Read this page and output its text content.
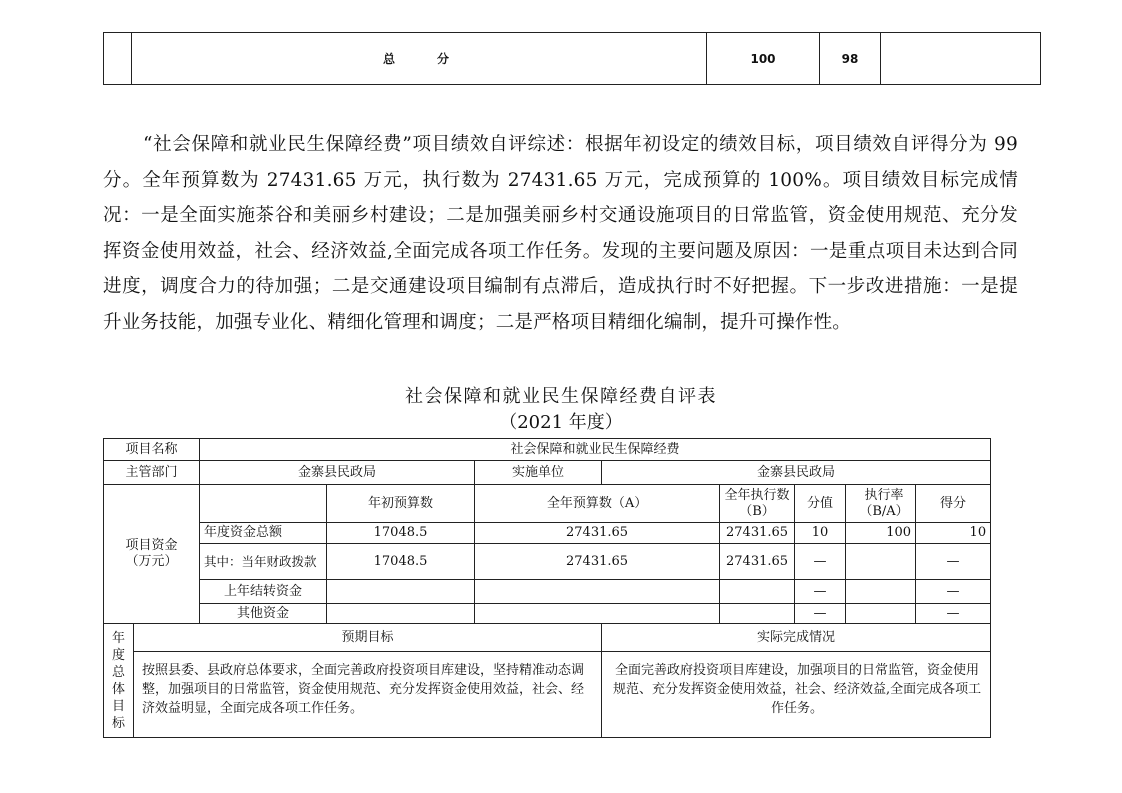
	总　　分	100	98	

“社会保障和就业民生保障经费”项目绩效自评综述：根据年初设定的绩效目标，项目绩效自评得分为 99 分。全年预算数为 27431.65 万元，执行数为 27431.65 万元，完成预算的 100%。项目绩效目标完成情况：一是全面实施茶谷和美丽乡村建设；二是加强美丽乡村交通设施项目的日常监管，资金使用规范、充分发挥资金使用效益，社会、经济效益,全面完成各项工作任务。发现的主要问题及原因：一是重点项目未达到合同进度，调度合力的待加强；二是交通建设项目编制有点滞后，造成执行时不好把握。下一步改进措施：一是提升业务技能，加强专业化、精细化管理和调度；二是严格项目精细化编制，提升可操作性。

社会保障和就业民生保障经费自评表
（2021 年度）
项目名称		社会保障和就业民生保障经费							
主管部门		金寨县民政局		实施单位	金寨县民政局				
项目资金（万元）			年初预算数	全年预算数（A）		全年执行数（B）	分值	执行率（B/A）	得分
		年度资金总额	17048.5	27431.65		27431.65	10	100	10
		其中：当年财政拨款	17048.5	27431.65		27431.65	—		—
		上年结转资金					—		—
		其他资金					—		—
年度总体目标	预期目标				实际完成情况				
	按照县委、县政府总体要求，全面完善政府投资项目库建设，坚持精准动态调整，加强项目的日常监管，资金使用规范、充分发挥资金使用效益，社会、经济效益明显，全面完成各项工作任务。				全面完善政府投资项目库建设，加强项目的日常监管，资金使用规范、充分发挥资金使用效益，社会、经济效益,全面完成各项工作任务。				
